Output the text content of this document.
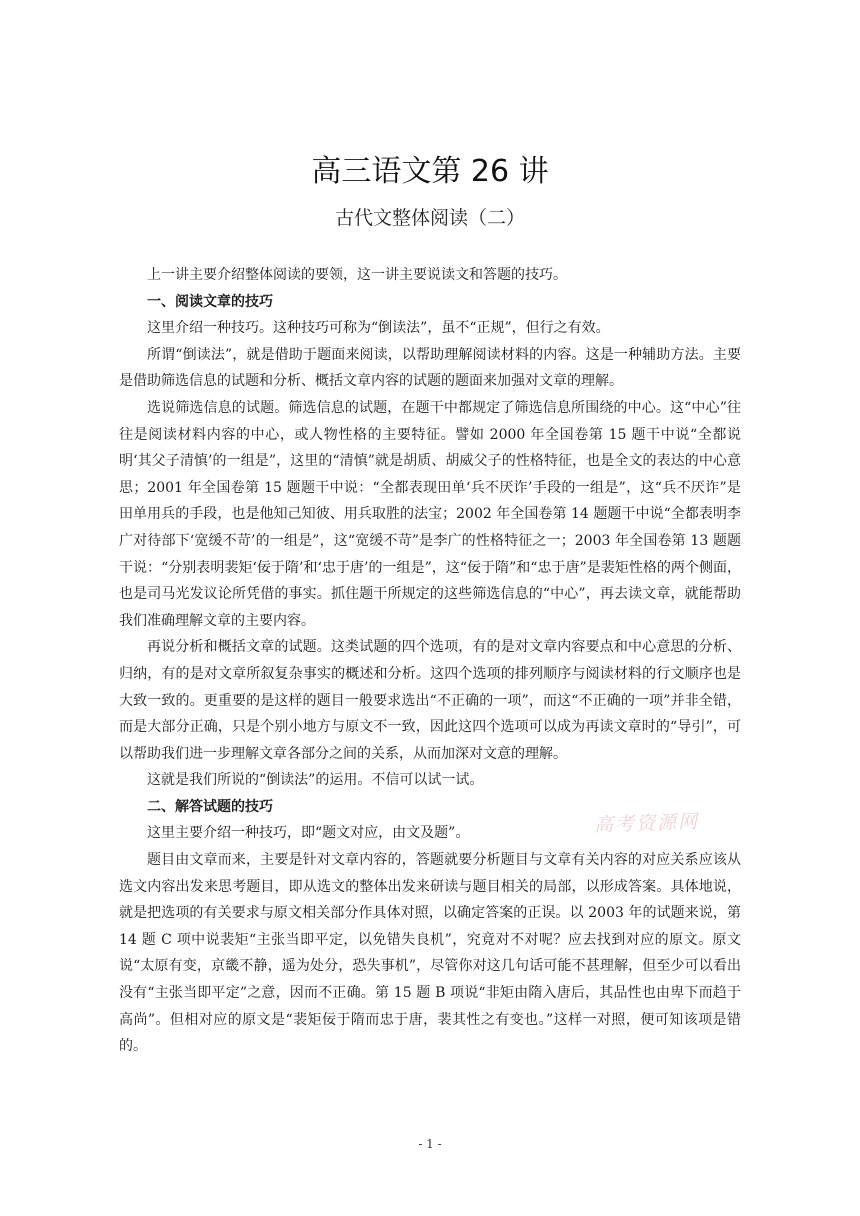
高三语文第 26 讲
古代文整体阅读（二）

上一讲主要介绍整体阅读的要领，这一讲主要说读文和答题的技巧。

一、阅读文章的技巧

这里介绍一种技巧。这种技巧可称为“倒读法”，虽不“正规”，但行之有效。

所谓“倒读法”，就是借助于题面来阅读，以帮助理解阅读材料的内容。这是一种辅助方法。主要是借助筛选信息的试题和分析、概括文章内容的试题的题面来加强对文章的理解。

选说筛选信息的试题。筛选信息的试题，在题干中都规定了筛选信息所围绕的中心。这“中心”往往是阅读材料内容的中心，或人物性格的主要特征。譬如 2000 年全国卷第 15 题干中说“全都说明‘其父子清慎’的一组是”，这里的“清慎”就是胡质、胡威父子的性格特征，也是全文的表达的中心意思；2001 年全国卷第 15 题题干中说：“全都表现田单‘兵不厌诈’手段的一组是”，这“兵不厌诈”是田单用兵的手段，也是他知己知彼、用兵取胜的法宝；2002 年全国卷第 14 题题干中说“全都表明李广对待部下‘宽缓不苛’的一组是”，这“宽缓不苛”是李广的性格特征之一；2003 年全国卷第 13 题题干说：“分别表明裴矩‘佞于隋’和‘忠于唐’的一组是”，这“佞于隋”和“忠于唐”是裴矩性格的两个侧面，也是司马光发议论所凭借的事实。抓住题干所规定的这些筛选信息的“中心”，再去读文章，就能帮助我们准确理解文章的主要内容。

再说分析和概括文章的试题。这类试题的四个选项，有的是对文章内容要点和中心意思的分析、归纳，有的是对文章所叙复杂事实的概述和分析。这四个选项的排列顺序与阅读材料的行文顺序也是大致一致的。更重要的是这样的题目一般要求选出“不正确的一项”，而这“不正确的一项”并非全错，而是大部分正确，只是个别小地方与原文不一致，因此这四个选项可以成为再读文章时的“导引”，可以帮助我们进一步理解文章各部分之间的关系，从而加深对文意的理解。

这就是我们所说的“倒读法”的运用。不信可以试一试。

二、解答试题的技巧

这里主要介绍一种技巧，即“题文对应，由文及题”。

题目由文章而来，主要是针对文章内容的，答题就要分析题目与文章有关内容的对应关系应该从选文内容出发来思考题目，即从选文的整体出发来研读与题目相关的局部，以形成答案。具体地说，就是把选项的有关要求与原文相关部分作具体对照，以确定答案的正误。以 2003 年的试题来说，第 14 题 C 项中说裴矩“主张当即平定，以免错失良机”，究竟对不对呢？应去找到对应的原文。原文说“太原有变，京畿不静，遥为处分，恐失事机”，尽管你对这几句话可能不甚理解，但至少可以看出没有“主张当即平定”之意，因而不正确。第 15 题 B 项说“非矩由隋入唐后，其品性也由卑下而趋于高尚”。但相对应的原文是“裴矩佞于隋而忠于唐，裴其性之有变也。”这样一对照，便可知该项是错的。

高考资源网
- 1 -
